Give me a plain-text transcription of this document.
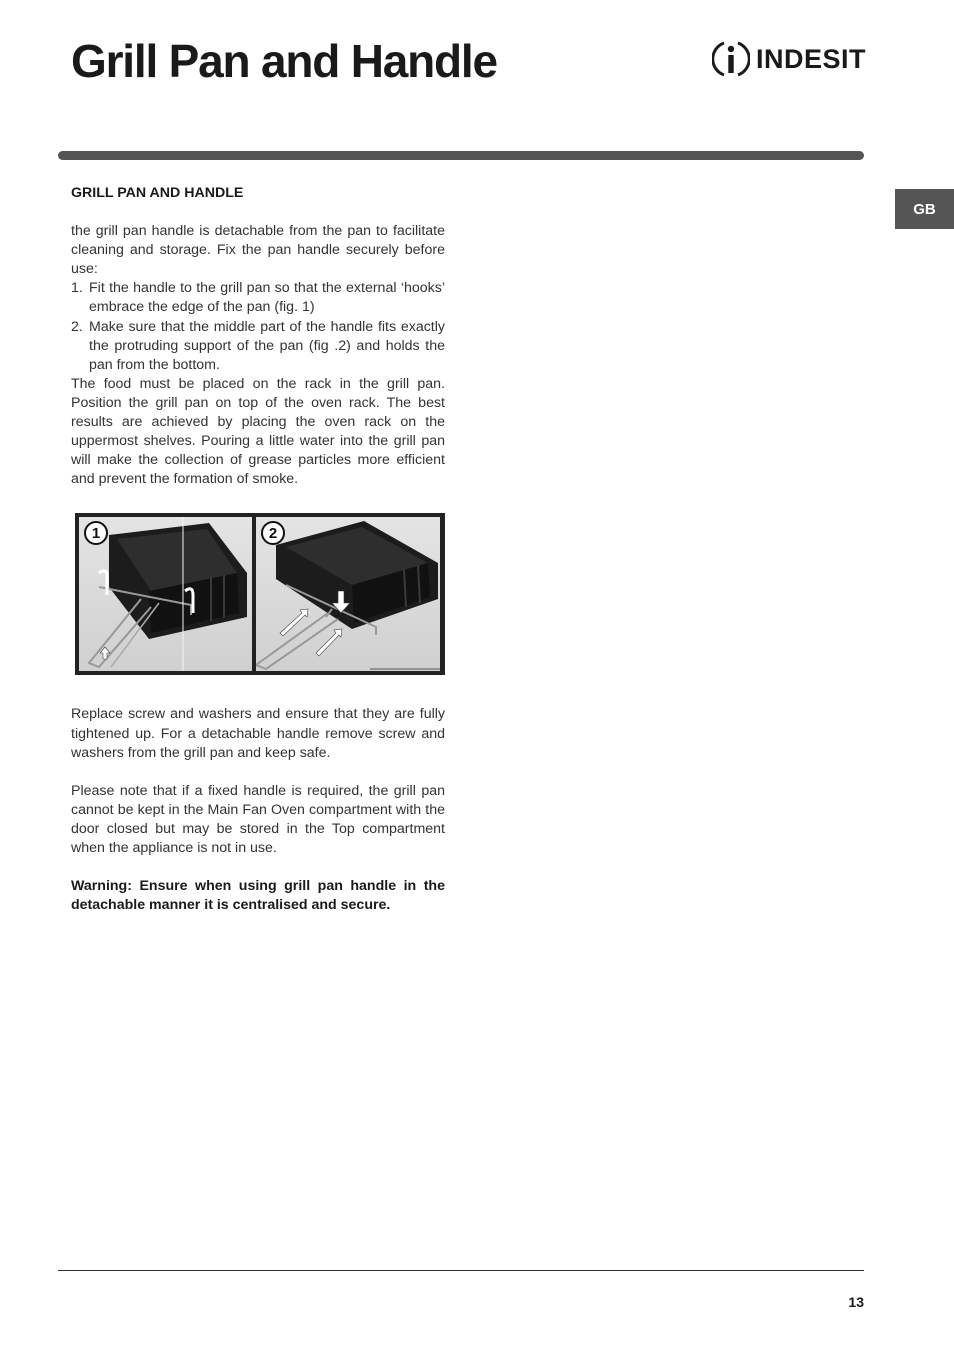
Grill Pan and Handle	INDESIT
GB
GRILL PAN AND HANDLE

the grill pan handle is detachable from the pan to facilitate cleaning and storage. Fix the pan handle securely before use:

1. Fit the handle to the grill pan so that the external ‘hooks’ embrace the edge of the pan (fig. 1)
2. Make sure that the middle part of the handle fits exactly the protruding support of the pan (fig .2) and holds the pan from the bottom.

The food must be placed on the rack in the grill pan. Position the grill pan on top of the oven rack. The best results are achieved by placing the oven rack on the uppermost shelves. Pouring a little water into the grill pan will make the collection of grease particles more efficient and prevent the formation of smoke.

1	2

Replace screw and washers and ensure that they are fully tightened up. For a detachable handle remove screw and washers from the grill pan and keep safe.

Please note that if a fixed handle is required, the grill pan cannot be kept in the Main Fan Oven compartment with the door closed but may be stored in the Top compartment when the appliance is not in use.

Warning: Ensure when using grill pan handle in the detachable manner it is centralised and secure.

13
